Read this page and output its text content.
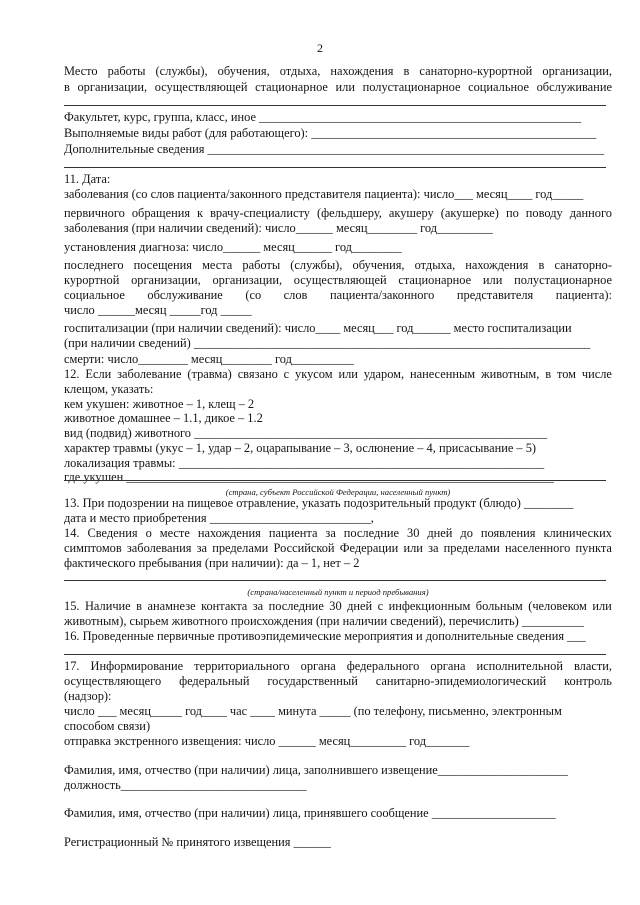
2
Место работы (службы), обучения, отдыха, нахождения в санаторно-курортной организации,
в организации, осуществляющей стационарное или полустационарное социальное обслуживание
Факультет, курс, группа, класс, иное ____________________________________________________
Выполняемые виды работ (для работающего): ______________________________________________
Дополнительные сведения ________________________________________________________________
11. Дата:
заболевания (со слов пациента/законного представителя пациента): число___ месяц____ год_____
первичного обращения к врачу-специалисту (фельдшеру, акушеру (акушерке) по поводу данного
заболевания (при наличии сведений): число______ месяц________ год_________
установления диагноза: число______ месяц______ год________
последнего посещения места работы (службы), обучения, отдыха, нахождения в санаторно-
курортной организации, организации, осуществляющей стационарное или полустационарное
социальное обслуживание (со слов пациента/законного представителя пациента):
число ______месяц _____год _____
госпитализации (при наличии сведений): число____ месяц___ год______ место госпитализации
(при наличии сведений) ________________________________________________________________
смерти: число________ месяц________ год__________
12. Если заболевание (травма) связано с укусом или ударом, нанесенным животным, в том числе
клещом, указать:
кем укушен: животное – 1, клещ – 2
животное домашнее – 1.1, дикое – 1.2
вид (подвид) животного _________________________________________________________
характер травмы (укус – 1, удар – 2, оцарапывание – 3, ослюнение – 4, присасывание – 5)
локализация травмы: ___________________________________________________________
где укушен _____________________________________________________________________
13. При подозрении на пищевое отравление, указать подозрительный продукт (блюдо) ________
дата и место приобретения __________________________,
14. Сведения о месте нахождения пациента за последние 30 дней до появления клинических
симптомов заболевания за пределами Российской Федерации или за пределами населенного пункта
фактического пребывания (при наличии): да – 1, нет – 2
15. Наличие в анамнезе контакта за последние 30 дней с инфекционным больным (человеком или
животным), сырьем животного происхождения (при наличии сведений), перечислить) __________
16. Проведенные первичные противоэпидемические мероприятия и дополнительные сведения ___
17. Информирование территориального органа федерального органа исполнительной власти,
осуществляющего федеральный государственный санитарно-эпидемиологический контроль
(надзор):
число ___ месяц_____ год____ час ____ минута _____ (по телефону, письменно, электронным
способом связи)
отправка экстренного извещения: число ______ месяц_________ год_______
Фамилия, имя, отчество (при наличии) лица, заполнившего извещение_____________________
должность______________________________
Фамилия, имя, отчество (при наличии) лица, принявшего сообщение ____________________
Регистрационный № принятого извещения ______
(страна, субъект Российской Федерации, населенный пункт)
(страна/населенный пункт и период пребывания)
